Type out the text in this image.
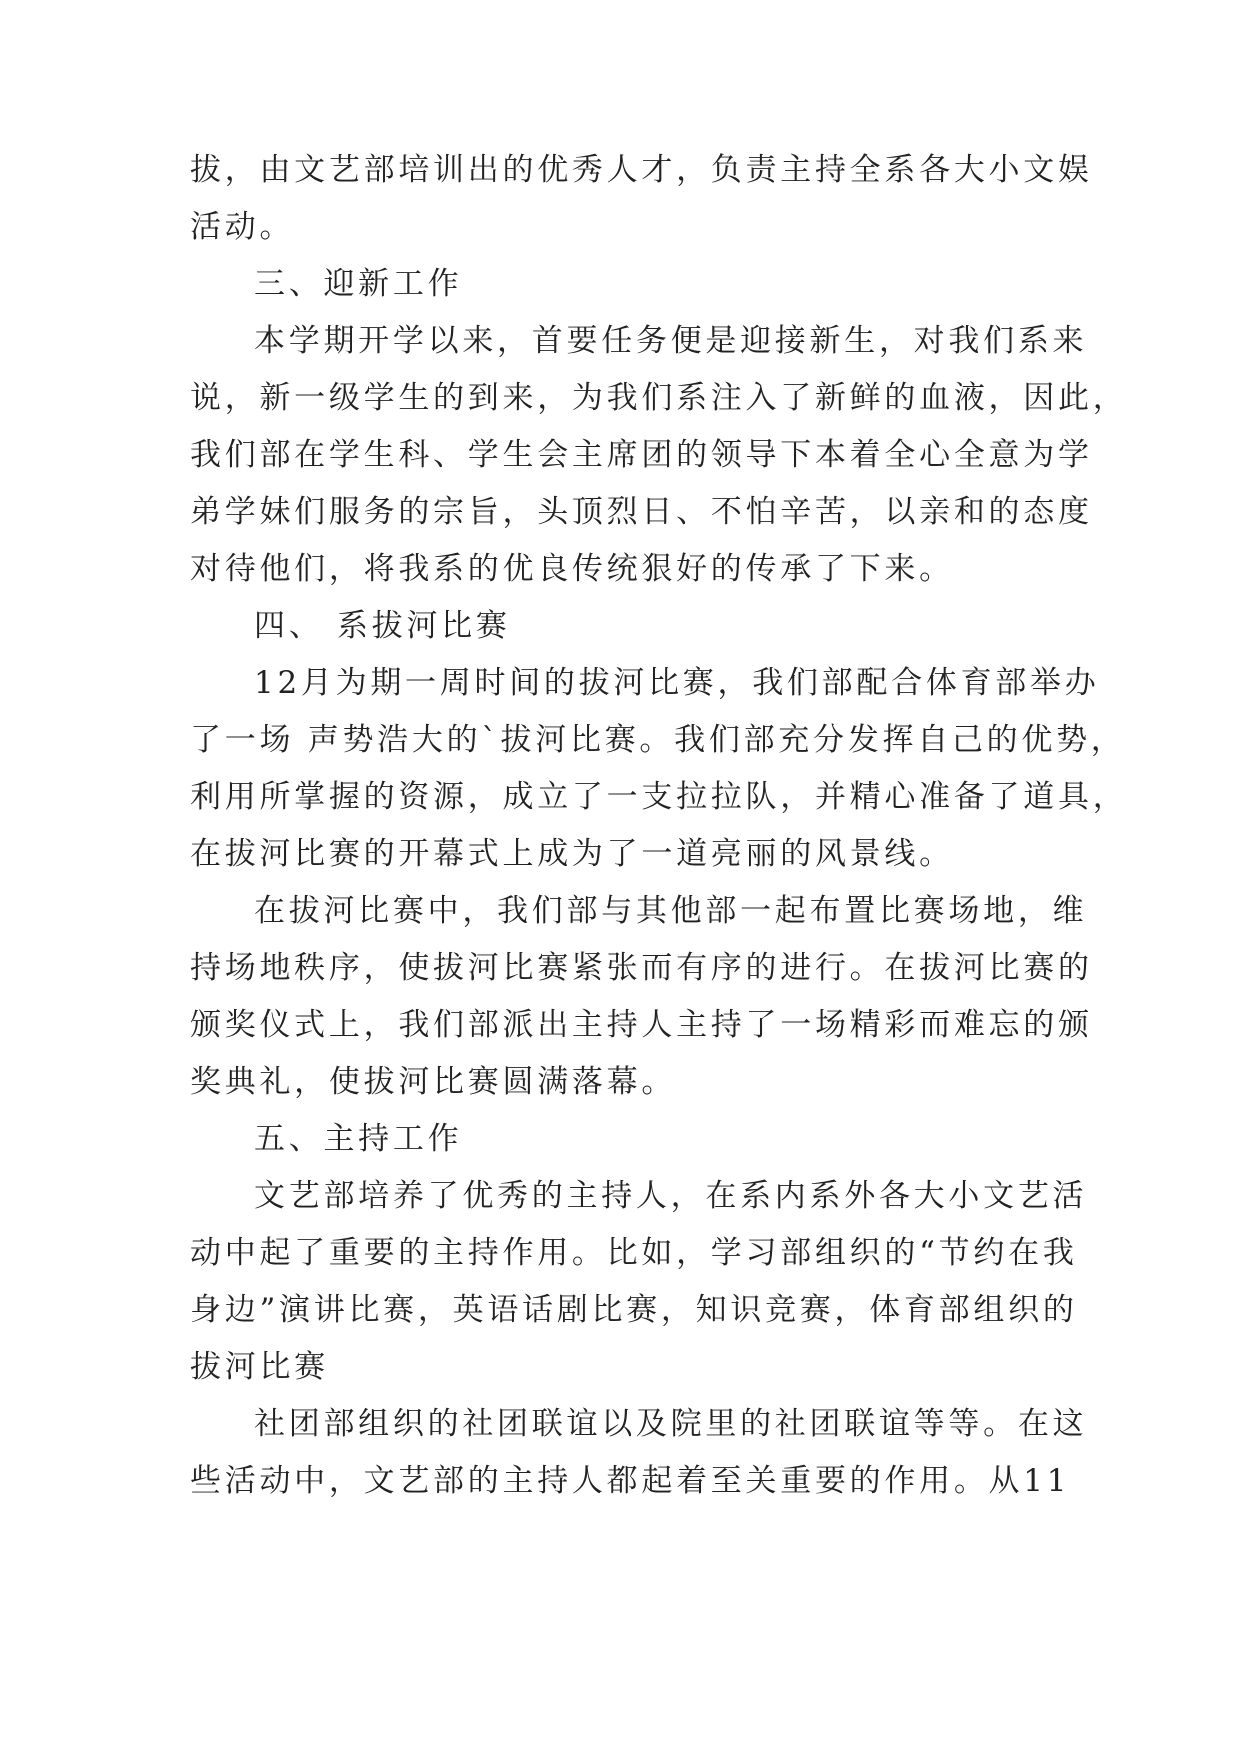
拔，由文艺部培训出的优秀人才，负责主持全系各大小文娱
活动。
三、迎新工作
本学期开学以来，首要任务便是迎接新生，对我们系来
说，新一级学生的到来，为我们系注入了新鲜的血液，因此，
我们部在学生科、学生会主席团的领导下本着全心全意为学
弟学妹们服务的宗旨，头顶烈日、不怕辛苦，以亲和的态度
对待他们，将我系的优良传统狠好的传承了下来。
四、 系拔河比赛
12月为期一周时间的拔河比赛，我们部配合体育部举办
了一场 声势浩大的`拔河比赛。我们部充分发挥自己的优势，
利用所掌握的资源，成立了一支拉拉队，并精心准备了道具，
在拔河比赛的开幕式上成为了一道亮丽的风景线。
在拔河比赛中，我们部与其他部一起布置比赛场地，维
持场地秩序，使拔河比赛紧张而有序的进行。在拔河比赛的
颁奖仪式上，我们部派出主持人主持了一场精彩而难忘的颁
奖典礼，使拔河比赛圆满落幕。
五、主持工作
文艺部培养了优秀的主持人，在系内系外各大小文艺活
动中起了重要的主持作用。比如，学习部组织的“节约在我
身边”演讲比赛，英语话剧比赛，知识竞赛，体育部组织的
拔河比赛
社团部组织的社团联谊以及院里的社团联谊等等。在这
些活动中，文艺部的主持人都起着至关重要的作用。从11
